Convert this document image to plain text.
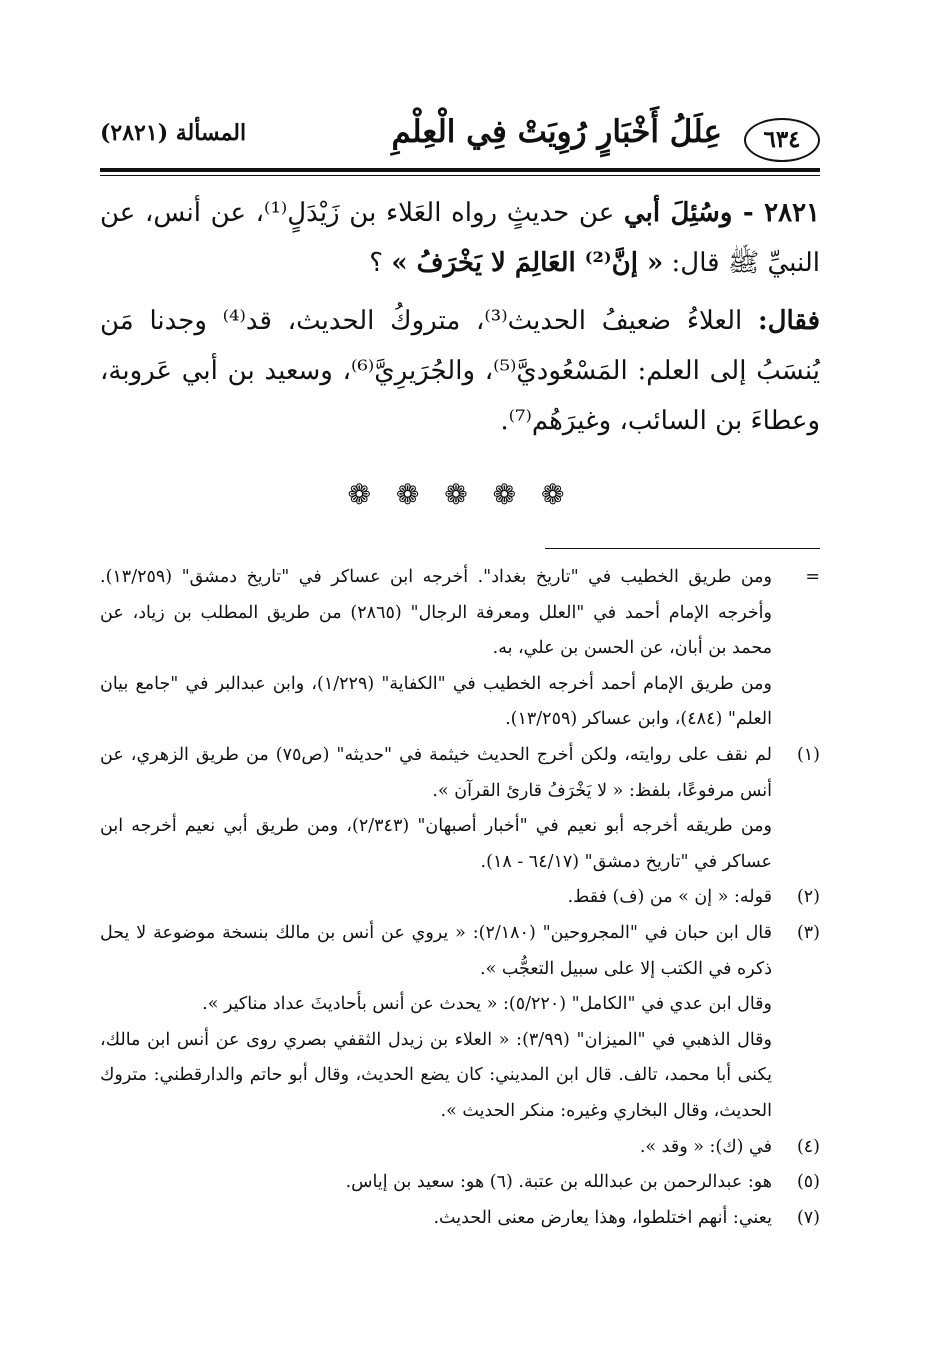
٦٣٤
عِلَلُ أَخْبَارٍ رُوِيَتْ فِي الْعِلْمِ
المسألة (٢٨٢١)

٢٨٢١ - وسُئِلَ أبي عن حديثٍ رواه العَلاء بن زَيْدَلٍ⁽¹⁾، عن أنس، عن النبيِّ ﷺ قال: « إنَّ⁽²⁾ العَالِمَ لا يَخْرَفُ » ؟

فقال: العلاءُ ضعيفُ الحديث⁽³⁾، متروكُ الحديث، قد⁽⁴⁾ وجدنا مَن يُنسَبُ إلى العلم: المَسْعُوديَّ⁽⁵⁾، والجُرَيرِيَّ⁽⁶⁾، وسعيد بن أبي عَروبة، وعطاءَ بن السائب، وغيرَهُم⁽⁷⁾.

❁ ❁ ❁ ❁ ❁
=

ومن طريق الخطيب في "تاريخ بغداد". أخرجه ابن عساكر في "تاريخ دمشق" (١٣/٢٥٩). وأخرجه الإمام أحمد في "العلل ومعرفة الرجال" (٢٨٦٥) من طريق المطلب بن زياد، عن محمد بن أبان، عن الحسن بن علي، به.

ومن طريق الإمام أحمد أخرجه الخطيب في "الكفاية" (١/٢٢٩)، وابن عبدالبر في "جامع بيان العلم" (٤٨٤)، وابن عساكر (١٣/٢٥٩).

(١)

لم نقف على روايته، ولكن أخرج الحديث خيثمة في "حديثه" (ص٧٥) من طريق الزهري، عن أنس مرفوعًا، بلفظ: « لا يَخْرَفُ قارئ القرآن ».

ومن طريقه أخرجه أبو نعيم في "أخبار أصبهان" (٢/٣٤٣)، ومن طريق أبي نعيم أخرجه ابن عساكر في "تاريخ دمشق" (٦٤/١٧ - ١٨).

(٢)

قوله: « إن » من (ف) فقط.

(٣)

قال ابن حبان في "المجروحين" (٢/١٨٠): « يروي عن أنس بن مالك بنسخة موضوعة لا يحل ذكره في الكتب إلا على سبيل التعجُّب ».

وقال ابن عدي في "الكامل" (٥/٢٢٠): « يحدث عن أنس بأحاديثَ عداد مناكير ».

وقال الذهبي في "الميزان" (٣/٩٩): « العلاء بن زيدل الثقفي بصري روى عن أنس ابن مالك، يكنى أبا محمد، تالف. قال ابن المديني: كان يضع الحديث، وقال أبو حاتم والدارقطني: متروك الحديث، وقال البخاري وغيره: منكر الحديث ».

(٤)

في (ك): « وقد ».

(٥)

هو: عبدالرحمن بن عبدالله بن عتبة. (٦) هو: سعيد بن إياس.

(٧)

يعني: أنهم اختلطوا، وهذا يعارض معنى الحديث.
